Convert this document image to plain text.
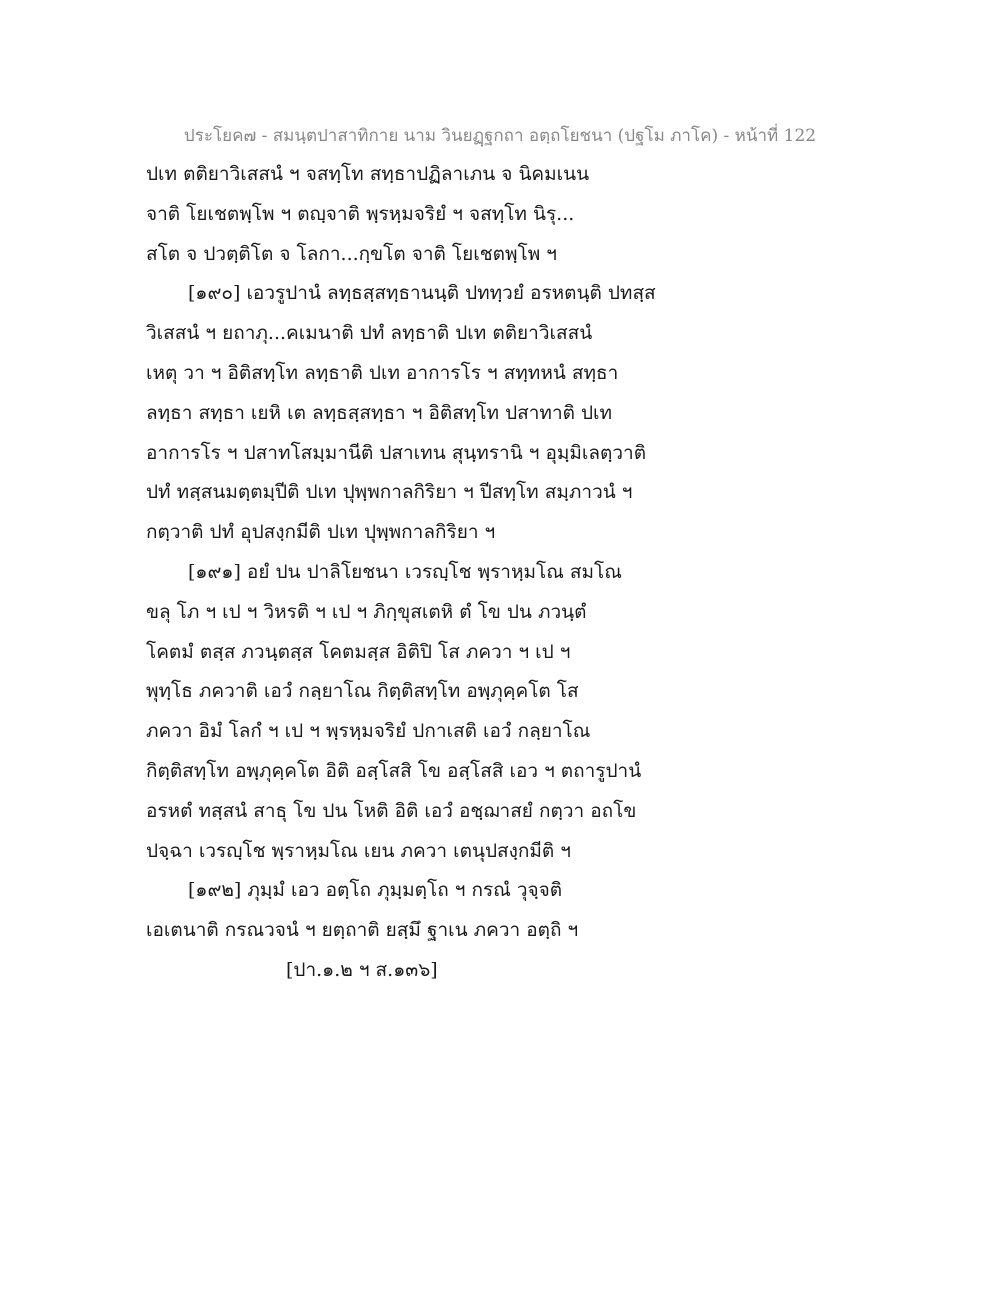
ประโยค๗ - สมนฺตปาสาทิกาย นาม วินยฏฺฐกถา อตฺถโยชนา (ปฐโม ภาโค) - หน้าที่ 122
ปเท ตติยาวิเสสนํ ฯ จสทฺโท สทฺธาปฏิลาเภน จ นิคมเนน
จาติ โยเชตพฺโพ ฯ ตญฺจาติ พฺรหฺมจริยํ ฯ จสทฺโท นิรุ...
สโต จ ปวตฺติโต จ โลกา...กฺขโต จาติ โยเชตพฺโพ ฯ
[๑๙๐] เอวรูปานํ ลทฺธสฺสทฺธานนฺติ ปททฺวยํ อรหตนฺติ ปทสฺส
วิเสสนํ ฯ ยถาภุ...คเมนาติ ปทํ ลทฺธาติ ปเท ตติยาวิเสสนํ
เหตุ วา ฯ อิติสทฺโท ลทฺธาติ ปเท อาการโร ฯ สทฺทหนํ สทฺธา
ลทฺธา สทฺธา เยหิ เต ลทฺธสฺสทฺธา ฯ อิติสทฺโท ปสาทาติ ปเท
อาการโร ฯ ปสาทโสมฺมานีติ ปสาเทน สุนฺทรานิ ฯ อุมฺมิเลตฺวาติ
ปทํ ทสฺสนมตฺตมฺปีติ ปเท ปุพฺพกาลกิริยา ฯ ปีสทฺโท สมฺภาวนํ ฯ
กตฺวาติ ปทํ อุปสงฺกมีติ ปเท ปุพฺพกาลกิริยา ฯ
[๑๙๑] อยํ ปน ปาลิโยชนา เวรญฺโช พฺราหฺมโณ สมโณ
ขลุ โภ ฯ เป ฯ วิหรติ ฯ เป ฯ ภิกฺขุสเตหิ ตํ โข ปน ภวนฺตํ
โคตมํ ตสฺส ภวนฺตสฺส โคตมสฺส อิติปิ โส ภควา ฯ เป ฯ
พุทฺโธ ภควาติ เอวํ กลฺยาโณ กิตฺติสทฺโท อพฺภุคฺคโต โส
ภควา อิมํ โลกํ ฯ เป ฯ พฺรหฺมจริยํ ปกาเสติ เอวํ กลฺยาโณ
กิตฺติสทฺโท อพฺภุคฺคโต อิติ อสฺโสสิ โข อสฺโสสิ เอว ฯ ตถารูปานํ
อรหตํ ทสฺสนํ สาธุ โข ปน โหติ อิติ เอวํ อชฺฌาสยํ กตฺวา อถโข
ปจฺฉา เวรญฺโช พฺราหฺมโณ เยน ภควา เตนุปสงฺกมีติ ฯ
[๑๙๒] ภุมฺมํ เอว อตฺโถ ภุมฺมตฺโถ ฯ กรณํ วุจฺจติ
เอเตนาติ กรณวจนํ ฯ ยตฺถาติ ยสฺมึ ฐาเน ภควา อตฺถิ ฯ
[ปา.๑.๒ ฯ ส.๑๓๖]
